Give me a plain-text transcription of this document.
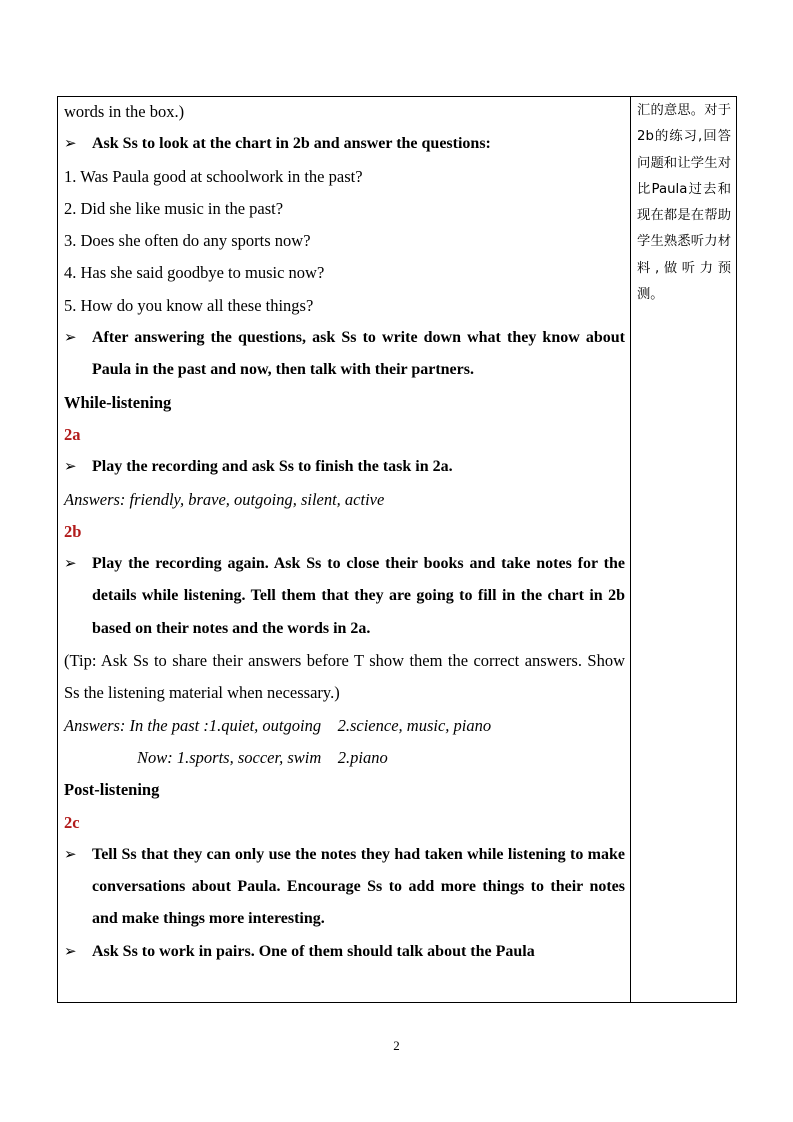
words in the box.)
➢ Ask Ss to look at the chart in 2b and answer the questions:
1. Was Paula good at schoolwork in the past?
2. Did she like music in the past?
3. Does she often do any sports now?
4. Has she said goodbye to music now?
5. How do you know all these things?
➢ After answering the questions, ask Ss to write down what they know about Paula in the past and now, then talk with their partners.
While-listening
2a
➢ Play the recording and ask Ss to finish the task in 2a.
Answers: friendly, brave, outgoing, silent, active
2b
➢ Play the recording again. Ask Ss to close their books and take notes for the details while listening. Tell them that they are going to fill in the chart in 2b based on their notes and the words in 2a.
(Tip: Ask Ss to share their answers before T show them the correct answers. Show Ss the listening material when necessary.)
Answers: In the past :1.quiet, outgoing    2.science, music, piano
Now: 1.sports, soccer, swim    2.piano
Post-listening
2c
➢ Tell Ss that they can only use the notes they had taken while listening to make conversations about Paula. Encourage Ss to add more things to their notes and make things more interesting.
➢ Ask Ss to work in pairs. One of them should talk about the Paula
汇的意思。对于2b的练习,回答问题和让学生对比Paula过去和现在都是在帮助学生熟悉听力材料,做听力预测。
2
